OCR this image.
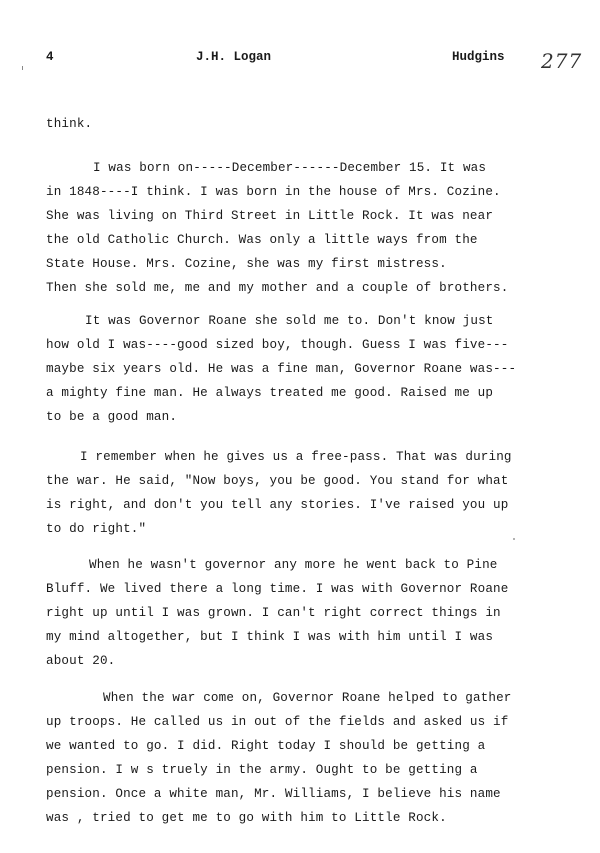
4	J.H. Logan	Hudgins 277
think.
I was born on-----December------December 15. It was
in 1848----I think. I was born in the house of Mrs. Cozine.
She was living on Third Street in Little Rock. It was near
the old Catholic Church. Was only a little ways from the
State House. Mrs. Cozine, she was my first mistress.
Then she sold me, me and my mother and a couple of brothers.
It was Governor Roane she sold me to. Don't know just
how old I was----good sized boy, though. Guess I was five---
maybe six years old. He was a fine man, Governor Roane was---
a mighty fine man. He always treated me good. Raised me up
to be a good man.
I remember when he gives us a free-pass. That was during
the war. He said, "Now boys, you be good. You stand for what
is right, and don't you tell any stories. I've raised you up
to do right."
When he wasn't governor any more he went back to Pine
Bluff. We lived there a long time. I was with Governor Roane
right up until I was grown. I can't right correct things in
my mind altogether, but I think I was with him until I was
about 20.
When the war come on, Governor Roane helped to gather
up troops. He called us in out of the fields and asked us if
we wanted to go. I did. Right today I should be getting a
pension. I w s truely in the army. Ought to be getting a
pension. Once a white man, Mr. Williams, I believe his name
was , tried to get me to go with him to Little Rock.
